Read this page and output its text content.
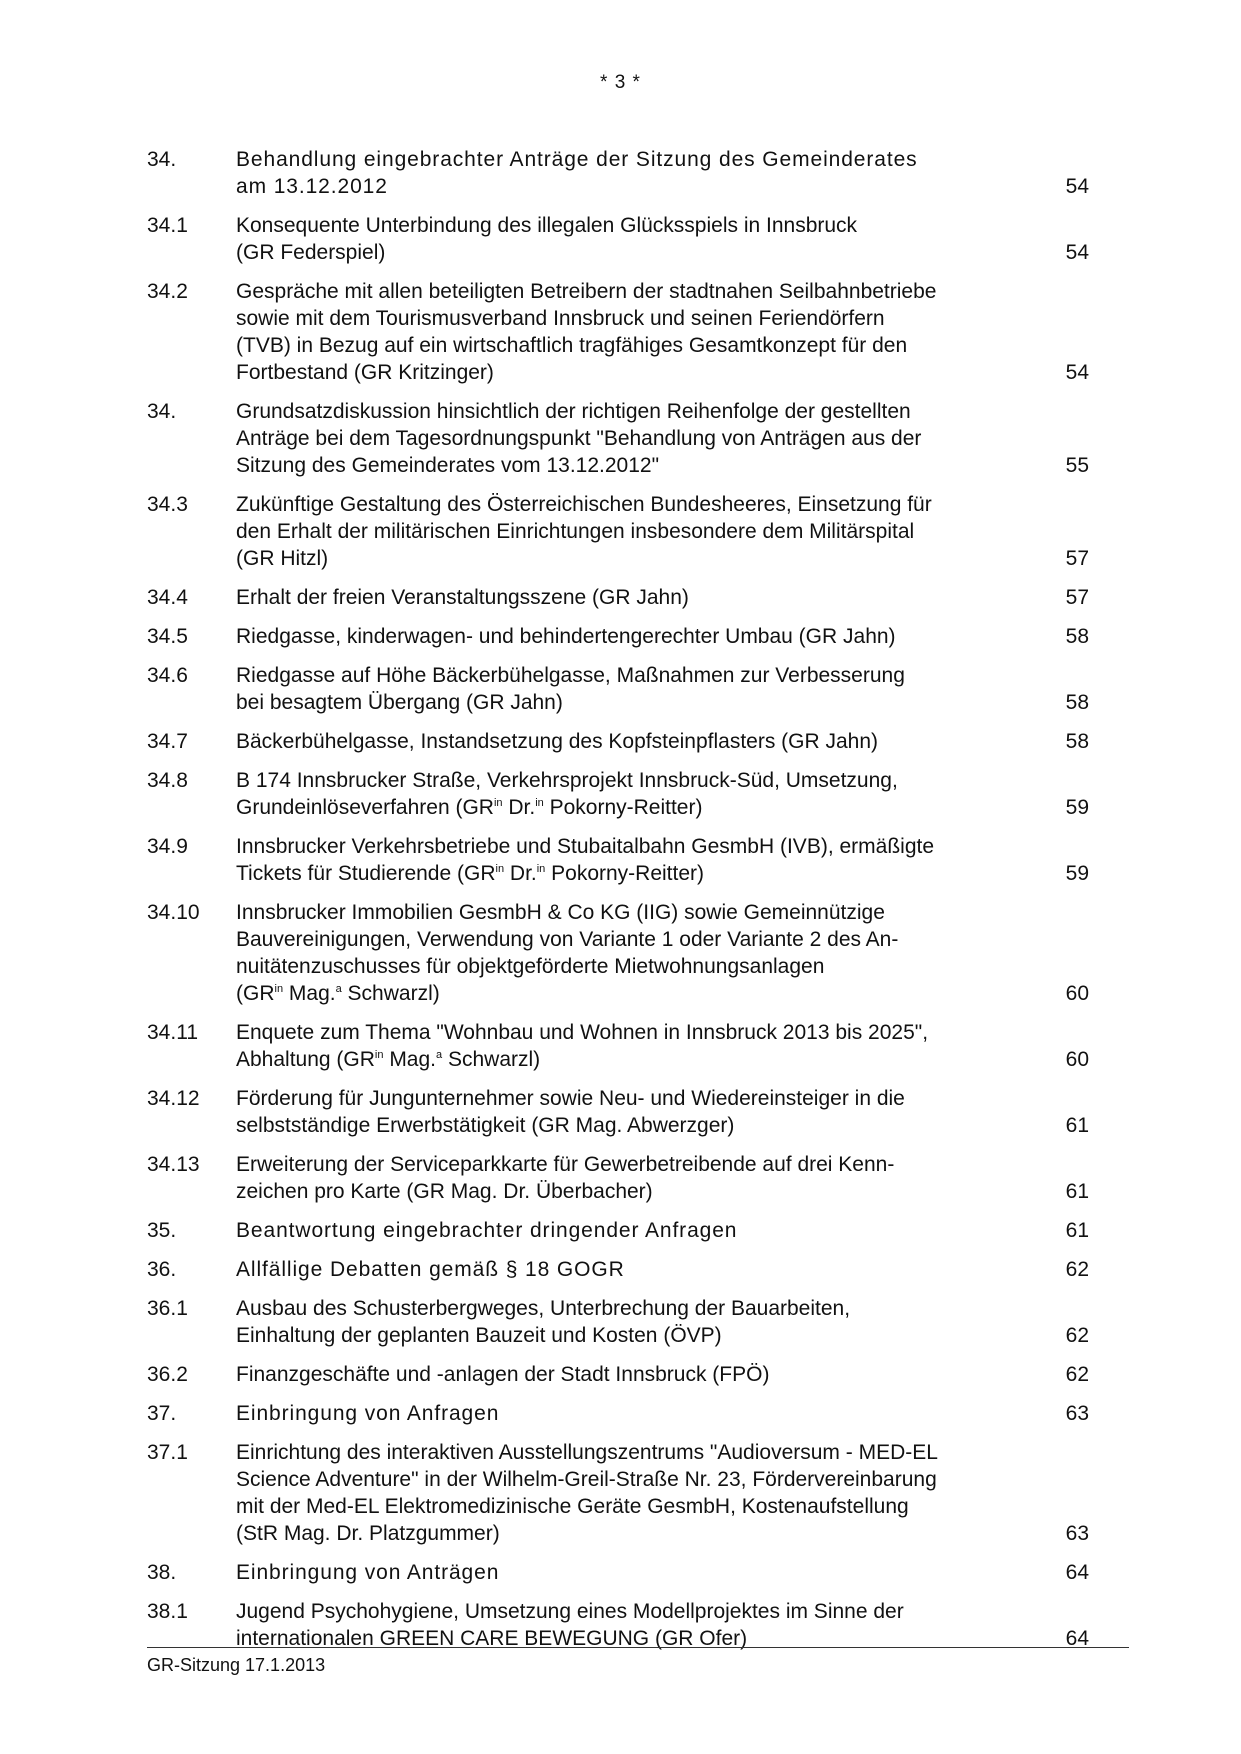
* 3 *
34.	Behandlung eingebrachter Anträge der Sitzung des Gemeinderates
am 13.12.2012	54
34.1	Konsequente Unterbindung des illegalen Glücksspiels in Innsbruck
(GR Federspiel)	54
34.2	Gespräche mit allen beteiligten Betreibern der stadtnahen Seilbahnbetriebe
sowie mit dem Tourismusverband Innsbruck und seinen Feriendörfern
(TVB) in Bezug auf ein wirtschaftlich tragfähiges Gesamtkonzept für den
Fortbestand (GR Kritzinger)	54
34.	Grundsatzdiskussion hinsichtlich der richtigen Reihenfolge der gestellten
Anträge bei dem Tagesordnungspunkt "Behandlung von Anträgen aus der
Sitzung des Gemeinderates vom 13.12.2012"	55
34.3	Zukünftige Gestaltung des Österreichischen Bundesheeres, Einsetzung für
den Erhalt der militärischen Einrichtungen insbesondere dem Militärspital
(GR Hitzl)	57
34.4	Erhalt der freien Veranstaltungsszene (GR Jahn)	57
34.5	Riedgasse, kinderwagen- und behindertengerechter Umbau (GR Jahn)	58
34.6	Riedgasse auf Höhe Bäckerbühelgasse, Maßnahmen zur Verbesserung
bei besagtem Übergang (GR Jahn)	58
34.7	Bäckerbühelgasse, Instandsetzung des Kopfsteinpflasters (GR Jahn)	58
34.8	B 174 Innsbrucker Straße, Verkehrsprojekt Innsbruck-Süd, Umsetzung,
Grundeinlöseverfahren ($GR^{in}$ Dr.$^{in}$ Pokorny-Reitter)	59
34.9	Innsbrucker Verkehrsbetriebe und Stubaitalbahn GesmbH (IVB), ermäßigte
Tickets für Studierende ($GR^{in}$ Dr.$^{in}$ Pokorny-Reitter)	59
34.10	Innsbrucker Immobilien GesmbH & Co KG (IIG) sowie Gemeinnützige
Bauvereinigungen, Verwendung von Variante 1 oder Variante 2 des An-
nuitätenzuschusses für objektgeförderte Mietwohnungsanlagen
($GR^{in}$ Mag.$^a$ Schwarzl)	60
34.11	Enquete zum Thema "Wohnbau und Wohnen in Innsbruck 2013 bis 2025",
Abhaltung ($GR^{in}$ Mag.$^a$ Schwarzl)	60
34.12	Förderung für Jungunternehmer sowie Neu- und Wiedereinsteiger in die
selbstständige Erwerbstätigkeit (GR Mag. Abwerzger)	61
34.13	Erweiterung der Serviceparkkarte für Gewerbetreibende auf drei Kenn-
zeichen pro Karte (GR Mag. Dr. Überbacher)	61
35.	Beantwortung eingebrachter dringender Anfragen	61
36.	Allfällige Debatten gemäß § 18 GOGR	62
36.1	Ausbau des Schusterbergweges, Unterbrechung der Bauarbeiten,
Einhaltung der geplanten Bauzeit und Kosten (ÖVP)	62
36.2	Finanzgeschäfte und -anlagen der Stadt Innsbruck (FPÖ)	62
37.	Einbringung von Anfragen	63
37.1	Einrichtung des interaktiven Ausstellungszentrums "Audioversum - MED-EL
Science Adventure" in der Wilhelm-Greil-Straße Nr. 23, Fördervereinbarung
mit der Med-EL Elektromedizinische Geräte GesmbH, Kostenaufstellung
(StR Mag. Dr. Platzgummer)	63
38.	Einbringung von Anträgen	64
38.1	Jugend Psychohygiene, Umsetzung eines Modellprojektes im Sinne der
internationalen GREEN CARE BEWEGUNG (GR Ofer)	64
GR-Sitzung 17.1.2013
